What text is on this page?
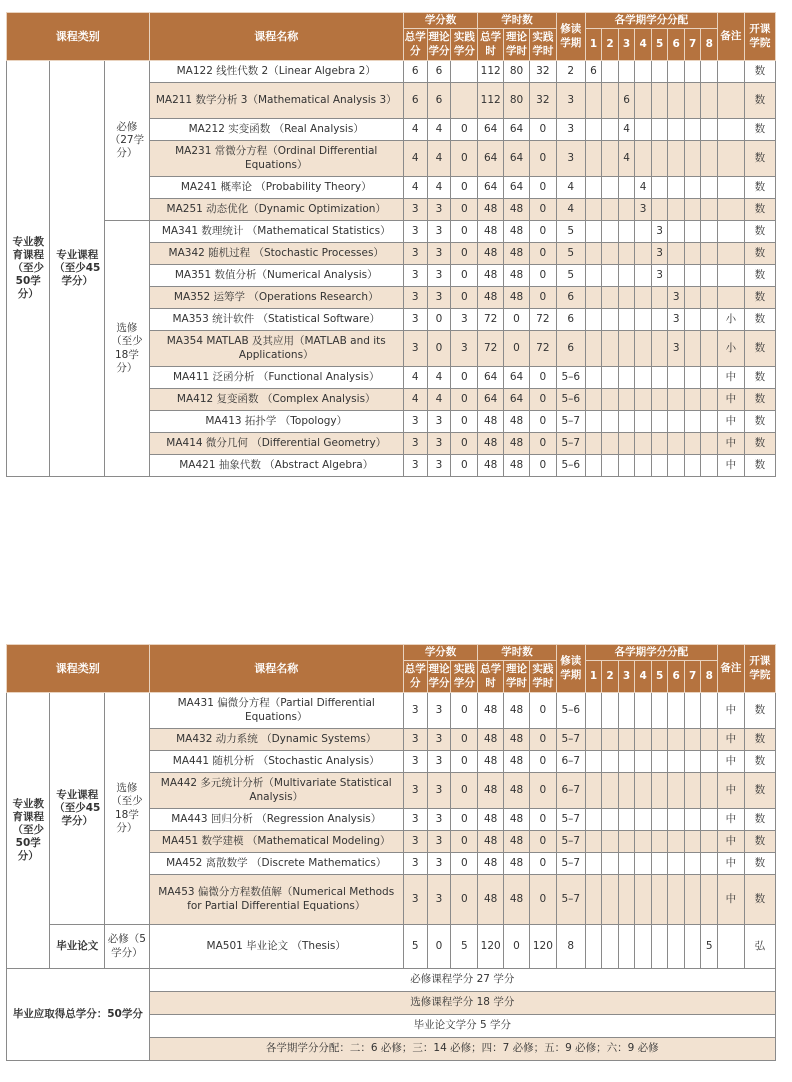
课程类别			课程名称	学分数			学时数			修读学期	各学期学分分配								备注	开课学院
				总学分	理论学分	实践学分	总学时	理论学时	实践学时		1	2	3	4	5	6	7	8		
专业教育课程（至少50学分）	专业课程（至少45学分）	必修（27学分）	MA122 线性代数 2（Linear Algebra 2）	6	6		112	80	32	2	6									数
			MA211 数学分析 3（Mathematical Analysis 3）	6	6		112	80	32	3			6							数
			MA212 实变函数 （Real Analysis）	4	4	0	64	64	0	3			4							数
			MA231 常微分方程（Ordinal Differential Equations）	4	4	0	64	64	0	3			4							数
			MA241 概率论 （Probability Theory）	4	4	0	64	64	0	4				4						数
			MA251 动态优化（Dynamic Optimization）	3	3	0	48	48	0	4				3						数
		选修（至少18学分）	MA341 数理统计 （Mathematical Statistics）	3	3	0	48	48	0	5					3					数
			MA342 随机过程 （Stochastic Processes）	3	3	0	48	48	0	5					3					数
			MA351 数值分析（Numerical Analysis）	3	3	0	48	48	0	5					3					数
			MA352 运筹学 （Operations Research）	3	3	0	48	48	0	6						3				数
			MA353 统计软件 （Statistical Software）	3	0	3	72	0	72	6						3			小	数
			MA354 MATLAB 及其应用（MATLAB and its Applications）	3	0	3	72	0	72	6						3			小	数
			MA411 泛函分析 （Functional Analysis）	4	4	0	64	64	0	5–6									中	数
			MA412 复变函数 （Complex Analysis）	4	4	0	64	64	0	5–6									中	数
			MA413 拓扑学 （Topology）	3	3	0	48	48	0	5–7									中	数
			MA414 微分几何 （Differential Geometry）	3	3	0	48	48	0	5–7									中	数
			MA421 抽象代数 （Abstract Algebra）	3	3	0	48	48	0	5–6									中	数
课程类别			课程名称	学分数			学时数			修读学期	各学期学分分配								备注	开课学院
				总学分	理论学分	实践学分	总学时	理论学时	实践学时		1	2	3	4	5	6	7	8		
专业教育课程（至少50学分）	专业课程（至少45学分）	选修（至少18学分）	MA431 偏微分方程（Partial Differential Equations）	3	3	0	48	48	0	5–6									中	数
			MA432 动力系统 （Dynamic Systems）	3	3	0	48	48	0	5–7									中	数
			MA441 随机分析 （Stochastic Analysis）	3	3	0	48	48	0	6–7									中	数
			MA442 多元统计分析（Multivariate Statistical Analysis）	3	3	0	48	48	0	6–7									中	数
			MA443 回归分析 （Regression Analysis）	3	3	0	48	48	0	5–7									中	数
			MA451 数学建模 （Mathematical Modeling）	3	3	0	48	48	0	5–7									中	数
			MA452 离散数学 （Discrete Mathematics）	3	3	0	48	48	0	5–7									中	数
			MA453 偏微分方程数值解（Numerical Methods for Partial Differential Equations）	3	3	0	48	48	0	5–7									中	数
	毕业论文	必修（5学分）	MA501 毕业论文 （Thesis）	5	0	5	120	0	120	8								5		弘
毕业应取得总学分：50学分			必修课程学分 27 学分																	
			选修课程学分 18 学分																	
			毕业论文学分 5 学分																	
			各学期学分分配：二：6 必修；三：14 必修；四：7 必修；五：9 必修；六：9 必修																	
